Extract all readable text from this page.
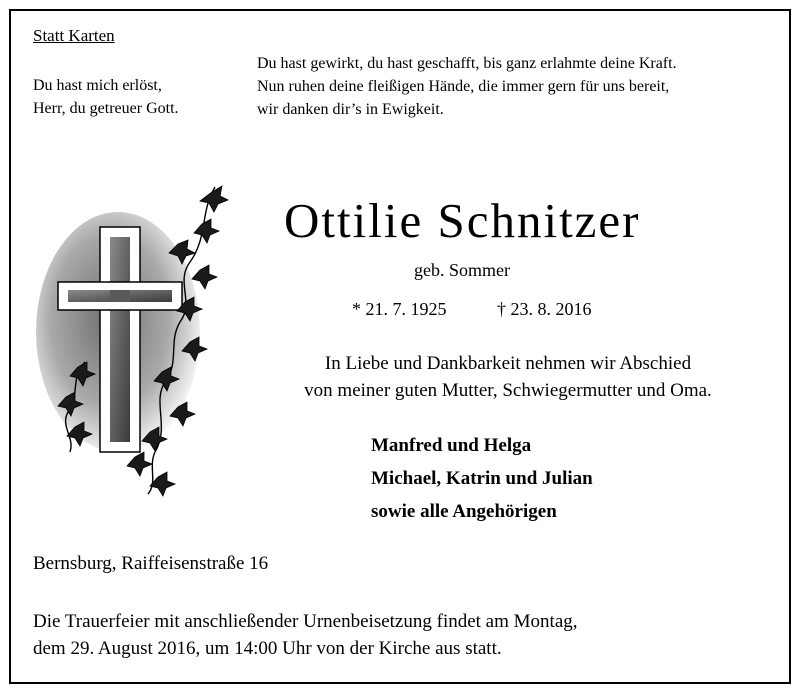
Statt Karten
Du hast mich erlöst,
Herr, du getreuer Gott.
Du hast gewirkt, du hast geschafft, bis ganz erlahmte deine Kraft.
Nun ruhen deine fleißigen Hände, die immer gern für uns bereit,
wir danken dir’s in Ewigkeit.
Ottilie Schnitzer
geb. Sommer
* 21. 7. 1925	† 23. 8. 2016
In Liebe und Dankbarkeit nehmen wir Abschied
von meiner guten Mutter, Schwiegermutter und Oma.
Manfred und Helga
Michael, Katrin und Julian
sowie alle Angehörigen
Bernsburg, Raiffeisenstraße 16
Die Trauerfeier mit anschließender Urnenbeisetzung findet am Montag,
dem 29. August 2016, um 14:00 Uhr von der Kirche aus statt.
